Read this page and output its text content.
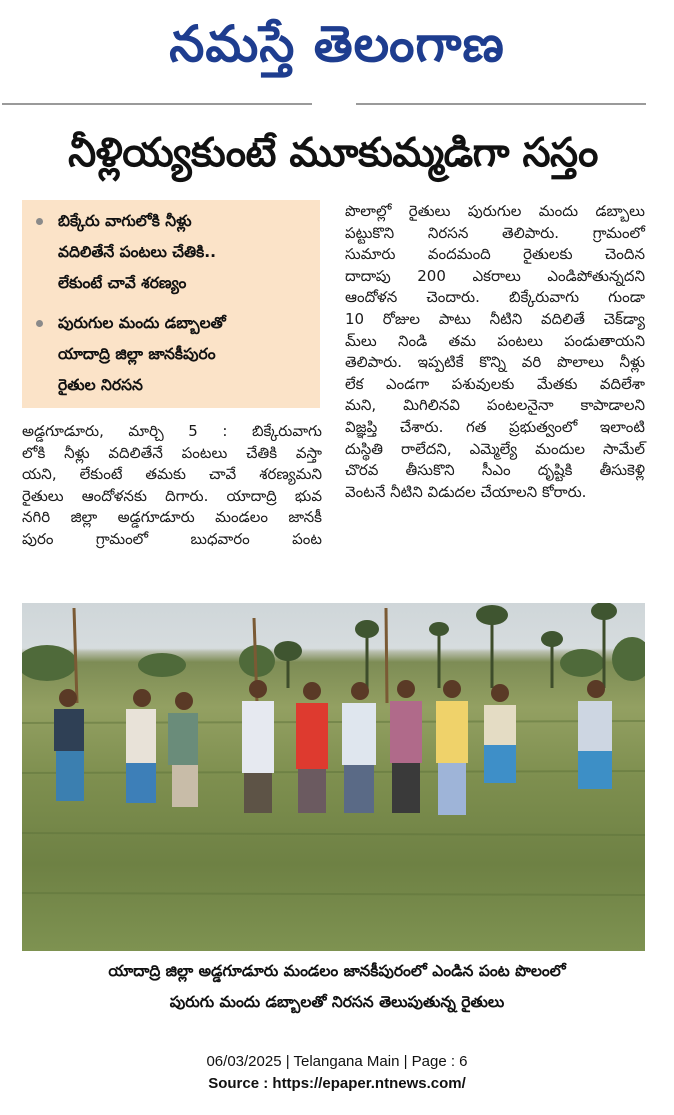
నమస్తే తెలంగాణ
నీళ్లియ్యకుంటే మూకుమ్మడిగా సస్తం
బిక్కేరు వాగులోకి నీళ్లు
వదిలితేనే పంటలు చేతికి..
లేకుంటే చావే శరణ్యం
పురుగుల మందు డబ్బాలతో
యాదాద్రి జిల్లా జానకీపురం
రైతుల నిరసన
అడ్డగూడూరు, మార్చి 5 : బిక్కేరువాగు
లోకి నీళ్లు వదిలితేనే పంటలు చేతికి వస్తా
యని, లేకుంటే తమకు చావే శరణ్యమని
రైతులు ఆందోళనకు దిగారు. యాదాద్రి భువ
నగిరి జిల్లా అడ్డగూడూరు మండలం జానకీ
పురం గ్రామంలో బుధవారం పంట
పొలాల్లో రైతులు పురుగుల మందు డబ్బాలు
పట్టుకొని నిరసన తెలిపారు. గ్రామంలో
సుమారు వందమంది రైతులకు చెందిన
దాదాపు 200 ఎకరాలు ఎండిపోతున్నదని
ఆందోళన చెందారు. బిక్కేరువాగు గుండా
10 రోజుల పాటు నీటిని వదిలితే చెక్‌డ్యా
మ్‌లు నిండి తమ పంటలు పండుతాయని
తెలిపారు. ఇప్పటికే కొన్ని వరి పొలాలు నీళ్లు
లేక ఎండగా పశువులకు మేతకు వదిలేశా
మని, మిగిలినవి పంటలనైనా కాపాడాలని
విజ్ఞప్తి చేశారు. గత ప్రభుత్వంలో ఇలాంటి
దుస్థితి రాలేదని, ఎమ్మెల్యే మందుల సామేల్
చొరవ తీసుకొని సీఎం దృష్టికి తీసుకెళ్లి
వెంటనే నీటిని విడుదల చేయాలని కోరారు.
యాదాద్రి జిల్లా అడ్డగూడూరు మండలం జానకీపురంలో ఎండిన పంట పొలంలో
పురుగు మందు డబ్బాలతో నిరసన తెలుపుతున్న రైతులు
06/03/2025 | Telangana Main | Page : 6
Source : https://epaper.ntnews.com/
